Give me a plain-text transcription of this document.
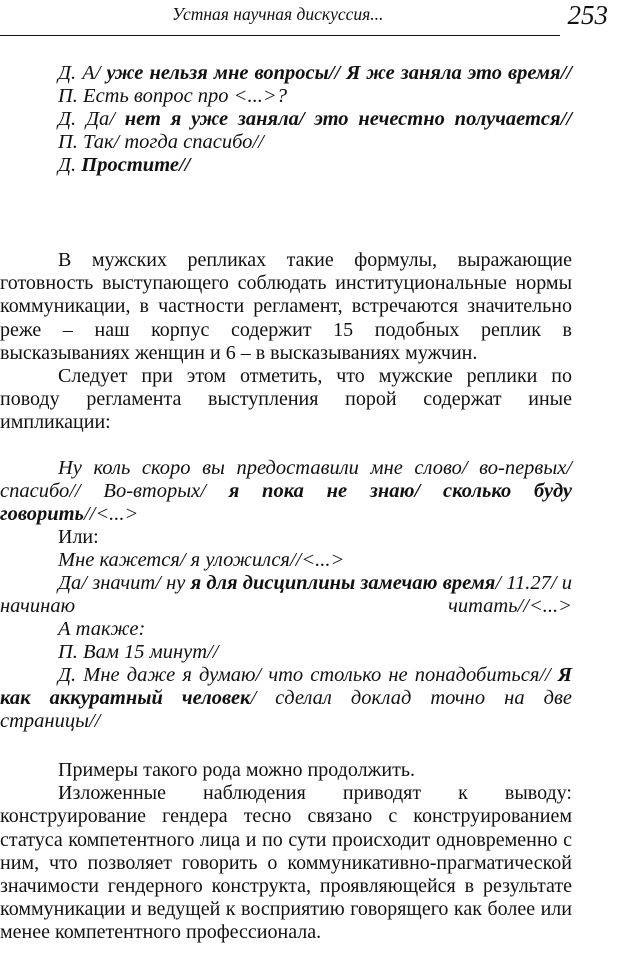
Устная научная дискуссия...	253
Д. А/ уже нельзя мне вопросы// Я же заняла это время//
П. Есть вопрос про <...>?
Д. Да/ нет я уже заняла/ это нечестно получается//
П. Так/ тогда спасибо//
Д. Простите//

В мужских репликах такие формулы, выражающие готовность выступающего соблюдать институциональные нормы коммуникации, в частности регламент, встречаются значительно реже – наш корпус содержит 15 подобных реплик в высказываниях женщин и 6 – в высказываниях мужчин.

Следует при этом отметить, что мужские реплики по поводу регламента выступления порой содержат иные импликации:

Ну коль скоро вы предоставили мне слово/ во-первых/ спасибо// Во-вторых/ я пока не знаю/ сколько буду говорить//<...>
Или:
Мне кажется/ я уложился//<...>
Да/ значит/ ну я для дисциплины замечаю время/ 11.27/ и начинаю читать//<...>
А также:
П. Вам 15 минут//
Д. Мне даже я думаю/ что столько не понадобиться// Я как аккуратный человек/ сделал доклад точно на две страницы//

Примеры такого рода можно продолжить.

Изложенные наблюдения приводят к выводу: конструирование гендера тесно связано с конструированием статуса компетентного лица и по сути происходит одновременно с ним, что позволяет говорить о коммуникативно-прагматической значимости гендерного конструкта, проявляющейся в результате коммуникации и ведущей к восприятию говорящего как более или менее компетентного профессионала.
